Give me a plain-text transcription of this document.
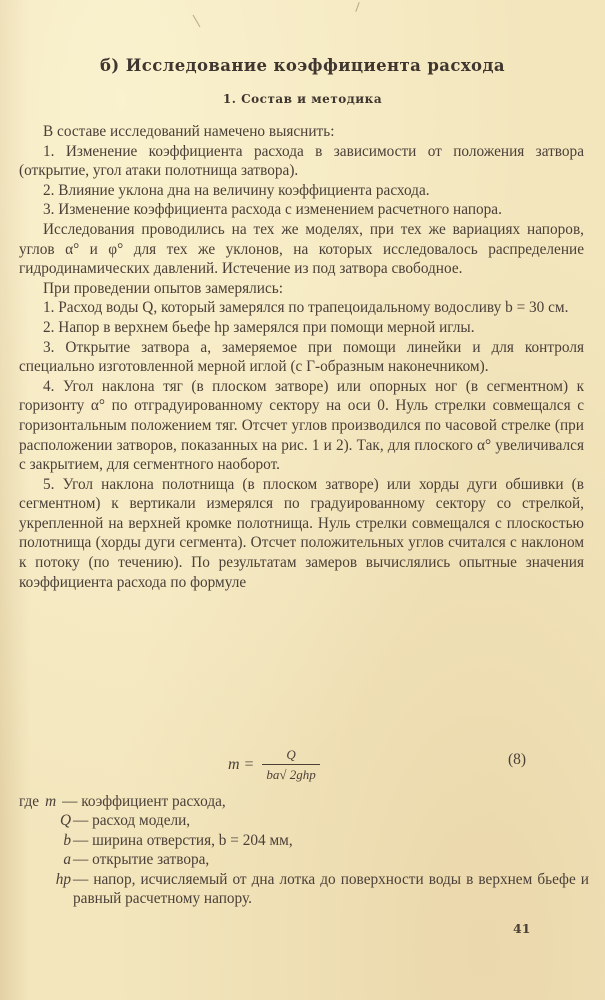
б) Исследование коэффициента расхода
1. Состав и методика

В составе исследований намечено выяснить:

1. Изменение коэффициента расхода в зависимости от положения затвора (открытие, угол атаки полотнища затвора).

2. Влияние уклона дна на величину коэффициента расхода.

3. Изменение коэффициента расхода с изменением расчетного напора.

Исследования проводились на тех же моделях, при тех же вариациях напоров, углов α° и φ° для тех же уклонов, на которых исследовалось распределение гидродинамических давлений. Истечение из под затвора свободное.

При проведении опытов замерялись:

1. Расход воды Q, который замерялся по трапецоидальному водосливу b = 30 см.

2. Напор в верхнем бьефе hр замерялся при помощи мерной иглы.

3. Открытие затвора a, замеряемое при помощи линейки и для контроля специально изготовленной мерной иглой (с Г-образным наконечником).

4. Угол наклона тяг (в плоском затворе) или опорных ног (в сегментном) к горизонту α° по отградуированному сектору на оси 0. Нуль стрелки совмещался с горизонтальным положением тяг. Отсчет углов производился по часовой стрелке (при расположении затворов, показанных на рис. 1 и 2). Так, для плоского α° увеличивался с закрытием, для сегментного наоборот.

5. Угол наклона полотнища (в плоском затворе) или хорды дуги обшивки (в сегментном) к вертикали измерялся по градуированному сектору со стрелкой, укрепленной на верхней кромке полотнища. Нуль стрелки совмещался с плоскостью полотнища (хорды дуги сегмента). Отсчет положительных углов считался с наклоном к потоку (по течению). По результатам замеров вычислялись опытные значения коэффициента расхода по формуле

$m = \frac{Q}{\text{ba√ 2ghр}}$	(8)
где m — коэффициент расхода,
Q — расход модели,
b — ширина отверстия, b = 204 мм,
a — открытие затвора,
hр — напор, исчисляемый от дна лотка до поверхности воды в верхнем бьефе и равный расчетному напору.
41
